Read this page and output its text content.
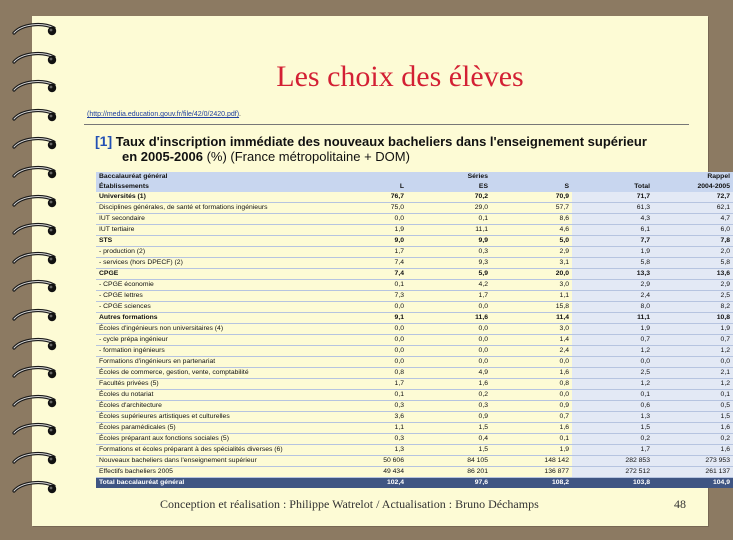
Les choix des élèves
(http://media.education.gouv.fr/file/42/0/2420.pdf).
[1] Taux d'inscription immédiate des nouveaux bacheliers dans l'enseignement supérieur
en 2005-2006 (%) (France métropolitaine + DOM)
Baccalauréat général		Séries			Rappel
Établissements	L	ES	S	Total	2004-2005
Universités (1)	76,7	70,2	70,9	71,7	72,7
Disciplines générales, de santé et formations ingénieurs	75,0	29,0	57,7	61,3	62,1
IUT secondaire	0,0	0,1	8,6	4,3	4,7
IUT tertiaire	1,9	11,1	4,6	6,1	6,0
STS	9,0	9,9	5,0	7,7	7,8
- production (2)	1,7	0,3	2,9	1,9	2,0
- services (hors DPECF) (2)	7,4	9,3	3,1	5,8	5,8
CPGE	7,4	5,9	20,0	13,3	13,6
- CPGE économie	0,1	4,2	3,0	2,9	2,9
- CPGE lettres	7,3	1,7	1,1	2,4	2,5
- CPGE sciences	0,0	0,0	15,8	8,0	8,2
Autres formations	9,1	11,6	11,4	11,1	10,8
Écoles d'ingénieurs non universitaires (4)	0,0	0,0	3,0	1,9	1,9
- cycle prépa ingénieur	0,0	0,0	1,4	0,7	0,7
- formation ingénieurs	0,0	0,0	2,4	1,2	1,2
Formations d'ingénieurs en partenariat	0,0	0,0	0,0	0,0	0,0
Écoles de commerce, gestion, vente, comptabilité	0,8	4,9	1,6	2,5	2,1
Facultés privées (5)	1,7	1,6	0,8	1,2	1,2
Écoles du notariat	0,1	0,2	0,0	0,1	0,1
Écoles d'architecture	0,3	0,3	0,9	0,6	0,5
Écoles supérieures artistiques et culturelles	3,6	0,9	0,7	1,3	1,5
Écoles paramédicales (5)	1,1	1,5	1,6	1,5	1,6
Écoles préparant aux fonctions sociales (5)	0,3	0,4	0,1	0,2	0,2
Formations et écoles préparant à des spécialités diverses (6)	1,3	1,5	1,9	1,7	1,6
Nouveaux bacheliers dans l'enseignement supérieur	50 606	84 105	148 142	282 853	273 953
Effectifs bacheliers 2005	49 434	86 201	136 877	272 512	261 137
Total baccalauréat général	102,4	97,6	108,2	103,8	104,9
Conception et réalisation : Philippe Watrelot / Actualisation : Bruno Déchamps	48
